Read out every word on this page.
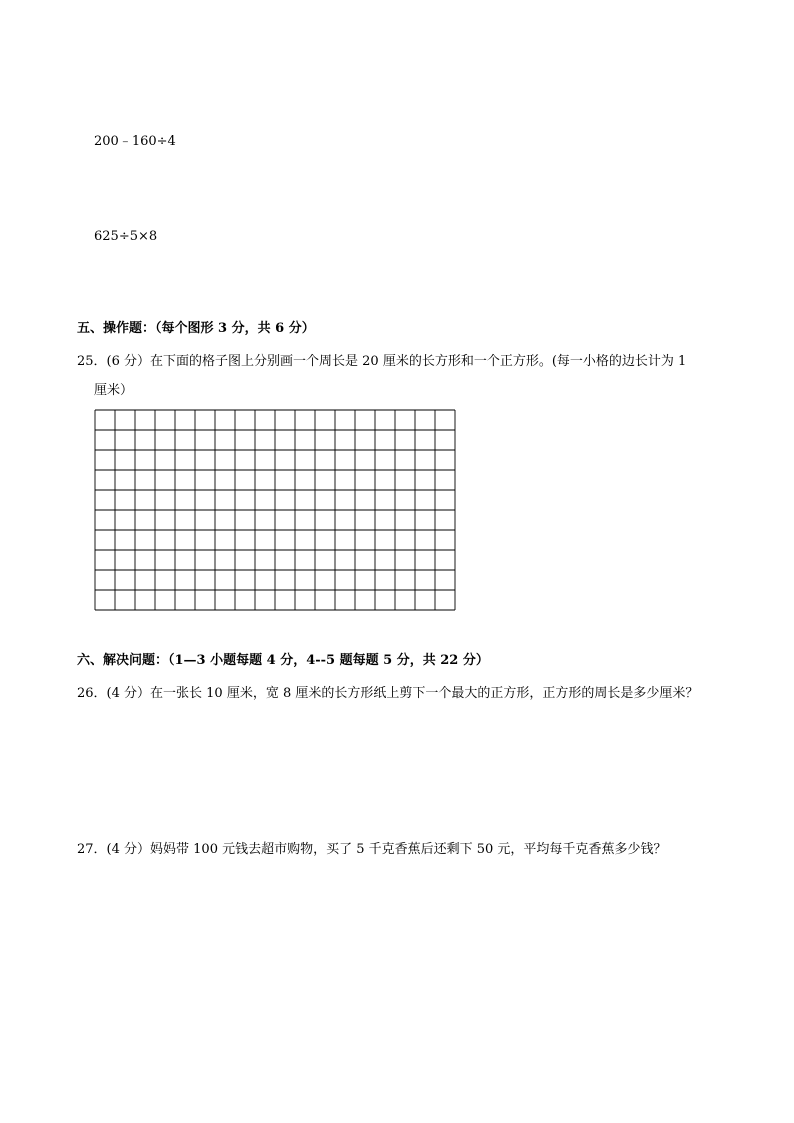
200﹣160÷4
625÷5×8
五、操作题：（每个图形 3 分，共 6 分）
25．(6 分）在下面的格子图上分别画一个周长是 20 厘米的长方形和一个正方形。(每一小格的边长计为 1
厘米）
六、解决问题：（1—3 小题每题 4 分，4--5 题每题 5 分，共 22 分）
26．(4 分）在一张长 10 厘米，宽 8 厘米的长方形纸上剪下一个最大的正方形，正方形的周长是多少厘米？
27．(4 分）妈妈带 100 元钱去超市购物，买了 5 千克香蕉后还剩下 50 元，平均每千克香蕉多少钱？
